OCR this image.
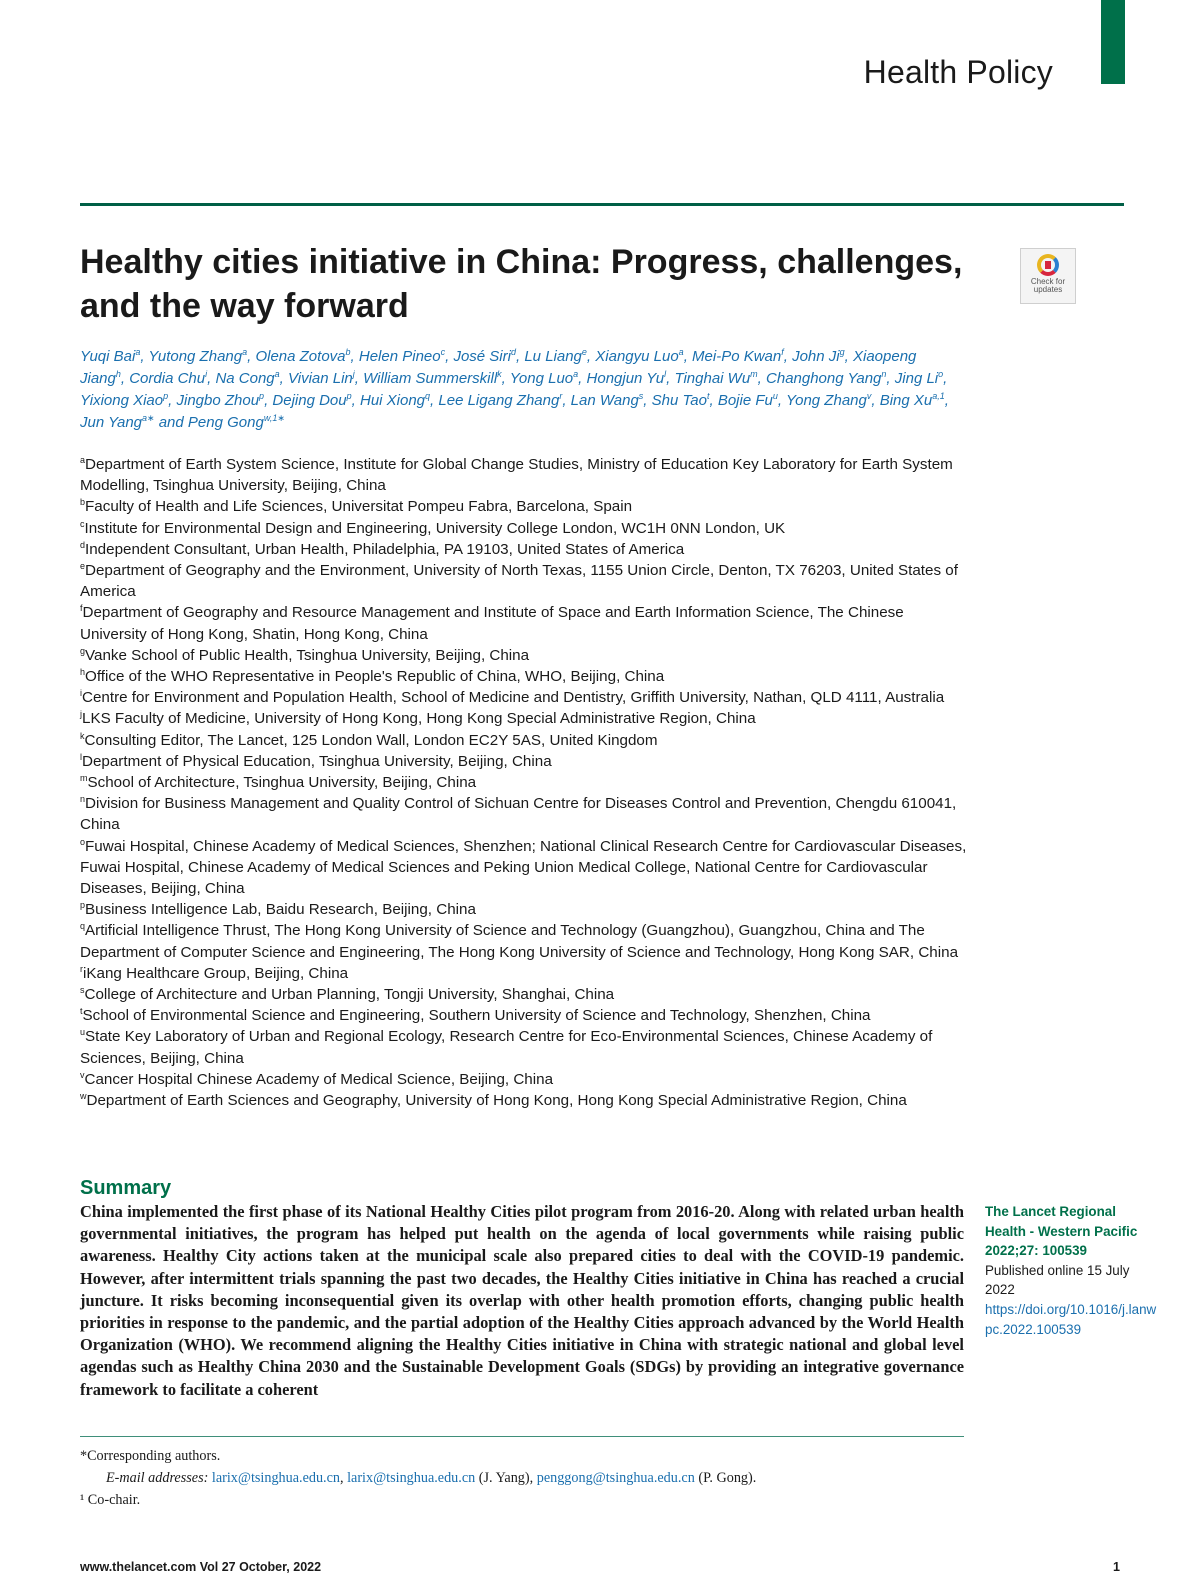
Health Policy
Healthy cities initiative in China: Progress, challenges, and the way forward
Check for
updates

Yuqi Bai$^a$, Yutong Zhang$^a$, Olena Zotova$^b$, Helen Pineo$^c$, José Siri$^d$, Lu Liang$^e$, Xiangyu Luo$^a$, Mei-Po Kwan$^f$, John Ji$^g$, Xiaopeng Jiang$^h$, Cordia Chu$^i$, Na Cong$^a$, Vivian Lin$^j$, William Summerskill$^k$, Yong Luo$^a$, Hongjun Yu$^l$, Tinghai Wu$^m$, Changhong Yang$^n$, Jing Li$^o$, Yixiong Xiao$^p$, Jingbo Zhou$^p$, Dejing Dou$^p$, Hui Xiong$^q$, Lee Ligang Zhang$^r$, Lan Wang$^s$, Shu Tao$^t$, Bojie Fu$^u$, Yong Zhang$^v$, Bing Xu$^{a,1}$, Jun Yang$^{a∗}$ and Peng Gong$^{w,1∗}$

$^a$Department of Earth System Science, Institute for Global Change Studies, Ministry of Education Key Laboratory for Earth System Modelling, Tsinghua University, Beijing, China
$^b$Faculty of Health and Life Sciences, Universitat Pompeu Fabra, Barcelona, Spain
$^c$Institute for Environmental Design and Engineering, University College London, WC1H 0NN London, UK
$^d$Independent Consultant, Urban Health, Philadelphia, PA 19103, United States of America
$^e$Department of Geography and the Environment, University of North Texas, 1155 Union Circle, Denton, TX 76203, United States of America
$^f$Department of Geography and Resource Management and Institute of Space and Earth Information Science, The Chinese University of Hong Kong, Shatin, Hong Kong, China
$^g$Vanke School of Public Health, Tsinghua University, Beijing, China
$^h$Office of the WHO Representative in People's Republic of China, WHO, Beijing, China
$^i$Centre for Environment and Population Health, School of Medicine and Dentistry, Griffith University, Nathan, QLD 4111, Australia
$^j$LKS Faculty of Medicine, University of Hong Kong, Hong Kong Special Administrative Region, China
$^k$Consulting Editor, The Lancet, 125 London Wall, London EC2Y 5AS, United Kingdom
$^l$Department of Physical Education, Tsinghua University, Beijing, China
$^m$School of Architecture, Tsinghua University, Beijing, China
$^n$Division for Business Management and Quality Control of Sichuan Centre for Diseases Control and Prevention, Chengdu 610041, China
$^o$Fuwai Hospital, Chinese Academy of Medical Sciences, Shenzhen; National Clinical Research Centre for Cardiovascular Diseases, Fuwai Hospital, Chinese Academy of Medical Sciences and Peking Union Medical College, National Centre for Cardiovascular Diseases, Beijing, China
$^p$Business Intelligence Lab, Baidu Research, Beijing, China
$^q$Artificial Intelligence Thrust, The Hong Kong University of Science and Technology (Guangzhou), Guangzhou, China and The Department of Computer Science and Engineering, The Hong Kong University of Science and Technology, Hong Kong SAR, China
$^r$iKang Healthcare Group, Beijing, China
$^s$College of Architecture and Urban Planning, Tongji University, Shanghai, China
$^t$School of Environmental Science and Engineering, Southern University of Science and Technology, Shenzhen, China
$^u$State Key Laboratory of Urban and Regional Ecology, Research Centre for Eco-Environmental Sciences, Chinese Academy of Sciences, Beijing, China
$^v$Cancer Hospital Chinese Academy of Medical Science, Beijing, China
$^w$Department of Earth Sciences and Geography, University of Hong Kong, Hong Kong Special Administrative Region, China
Summary

China implemented the first phase of its National Healthy Cities pilot program from 2016-20. Along with related urban health governmental initiatives, the program has helped put health on the agenda of local governments while raising public awareness. Healthy City actions taken at the municipal scale also prepared cities to deal with the COVID-19 pandemic. However, after intermittent trials spanning the past two decades, the Healthy Cities initiative in China has reached a crucial juncture. It risks becoming inconsequential given its overlap with other health promotion efforts, changing public health priorities in response to the pandemic, and the partial adoption of the Healthy Cities approach advanced by the World Health Organization (WHO). We recommend aligning the Healthy Cities initiative in China with strategic national and global level agendas such as Healthy China 2030 and the Sustainable Development Goals (SDGs) by providing an integrative governance framework to facilitate a coherent

The Lancet Regional Health - Western Pacific 2022;27: 100539
Published online 15 July 2022
https://doi.org/10.1016/j.lanwpc.2022.100539
*Corresponding authors.
E-mail addresses: larix@tsinghua.edu.cn, larix@tsinghua.edu.cn (J. Yang), penggong@tsinghua.edu.cn (P. Gong).
¹ Co-chair.
www.thelancet.com Vol 27 October, 2022	1
